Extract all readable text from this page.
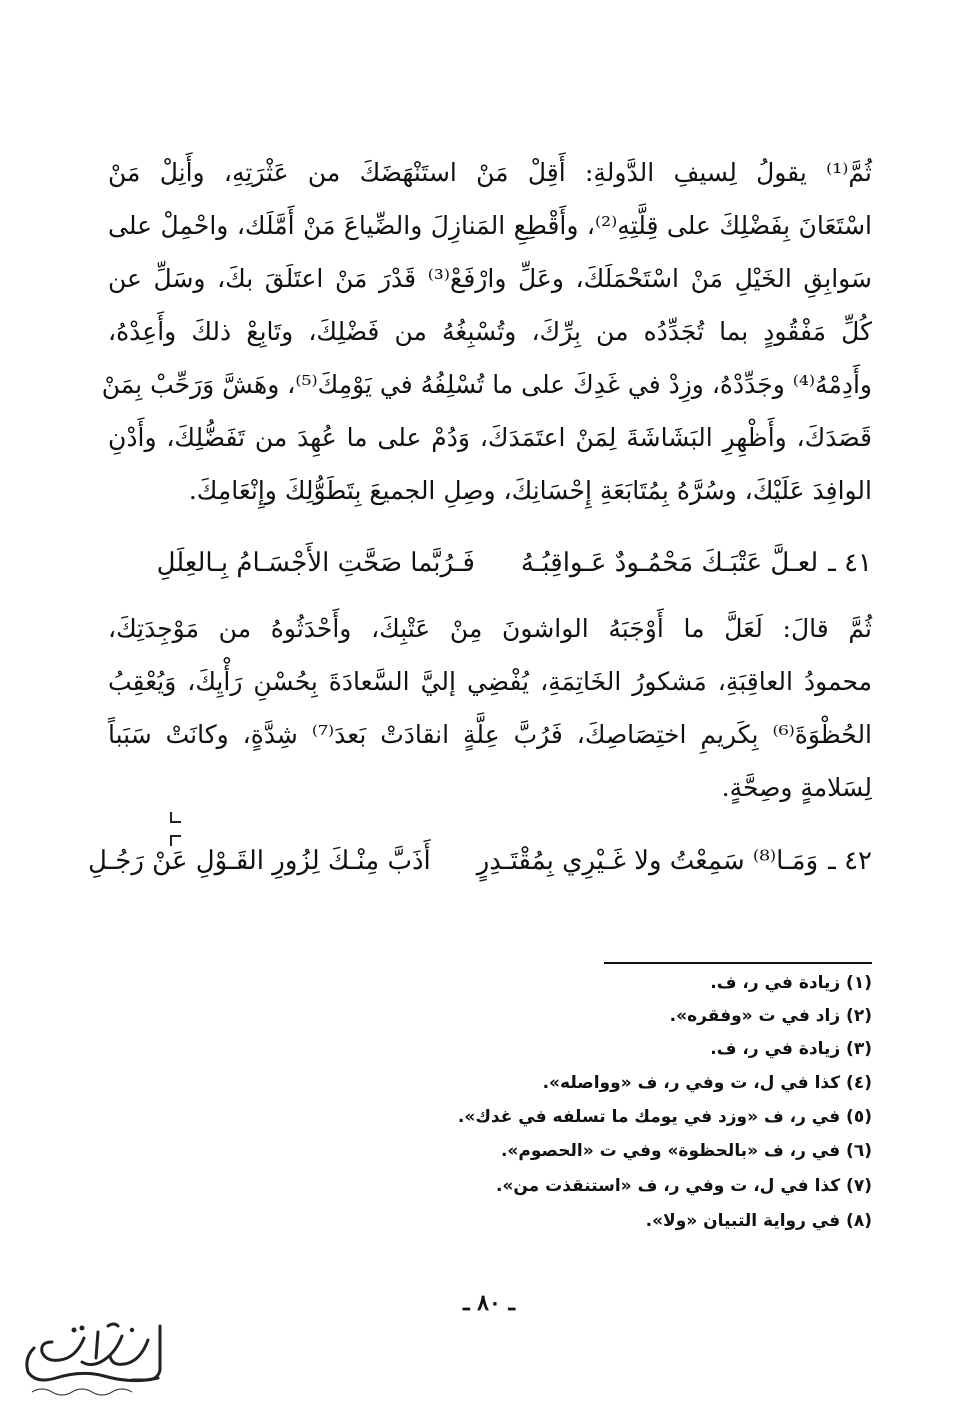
ثُمَّ⁽¹⁾ يقولُ لِسيفِ الدَّولةِ: أَقِلْ مَنْ استَنْهَضَكَ من عَثْرَتِهِ، وأَنِلْ مَنْ
اسْتَعَانَ بِفَضْلِكَ على قِلَّتِهِ⁽²⁾، وأَقْطِعِ المَنازِلَ والضِّياعَ مَنْ أَمَّلَك، واحْمِلْ على
سَوابِقِ الخَيْلِ مَنْ اسْتَحْمَلَكَ، وعَلِّ وارْفَعْ⁽³⁾ قَدْرَ مَنْ اعتَلَقَ بكَ، وسَلِّ عن
كُلِّ مَفْقُودٍ بما تُجَدِّدُه من بِرِّكَ، وتُسْبِغُهُ من فَضْلِكَ، وتَابِعْ ذلكَ وأَعِدْهُ،
وأَدِمْهُ⁽⁴⁾ وجَدِّدْهُ، وزِدْ في غَدِكَ على ما تُسْلِفُهُ في يَوْمِكَ⁽⁵⁾، وهَشَّ وَرَحِّبْ بِمَنْ
قَصَدَكَ، وأَظْهِرِ البَشَاشَةَ لِمَنْ اعتَمَدَكَ، وَدُمْ على ما عُهِدَ من تَفَضُّلِكَ، وأَدْنِ
الوافِدَ عَلَيْكَ، وسُرَّهُ بِمُتَابَعَةِ إِحْسَانِكَ، وصِلِ الجميعَ بِتَطَوُّلِكَ وإِنْعَامِكَ.
٤١ ـ
لعـلَّ عَتْبَـكَ مَحْمُـودٌ عَـواقِبُـهُ
فَـرُبَّما صَحَّتِ الأَجْسَـامُ بِـالعِلَلِ
ثُمَّ قالَ: لَعَلَّ ما أَوْجَبَهُ الواشونَ مِنْ عَتْبِكَ، وأَحْدَثُوهُ من مَوْجِدَتِكَ،
محمودُ العاقِبَةِ، مَشكورُ الخَاتِمَةِ، يُفْضِي إليَّ السَّعادَةَ بِحُسْنِ رَأْيِكَ، وَيُعْقِبُ
الحُظْوَةَ⁽⁶⁾ بِكَريمِ اختِصَاصِكَ، فَرُبَّ عِلَّةٍ انقادَتْ بَعدَ⁽⁷⁾ شِدَّةٍ، وكانَتْ سَبَباً
لِسَلامةٍ وصِحَّةٍ.
٤٢ ـ
وَمَـا⁽⁸⁾ سَمِعْتُ ولا غَـيْرِي بِمُقْتَـدِرٍ
أَذَبَّ مِنْـكَ لِزُورِ القَـوْلِ عَنْ رَجُـلِ
(١) زيادة في ر، ف.
(٢) زاد في ت «وفقره».
(٣) زيادة في ر، ف.
(٤) كذا في ل، ت وفي ر، ف «وواصله».
(٥) في ر، ف «وزد في يومك ما تسلفه في غدك».
(٦) في ر، ف «بالحظوة» وفي ت «الحصوم».
(٧) كذا في ل، ت وفي ر، ف «استنقذت من».
(٨) في رواية التبيان «ولا».
ـ ٨٠ ـ
